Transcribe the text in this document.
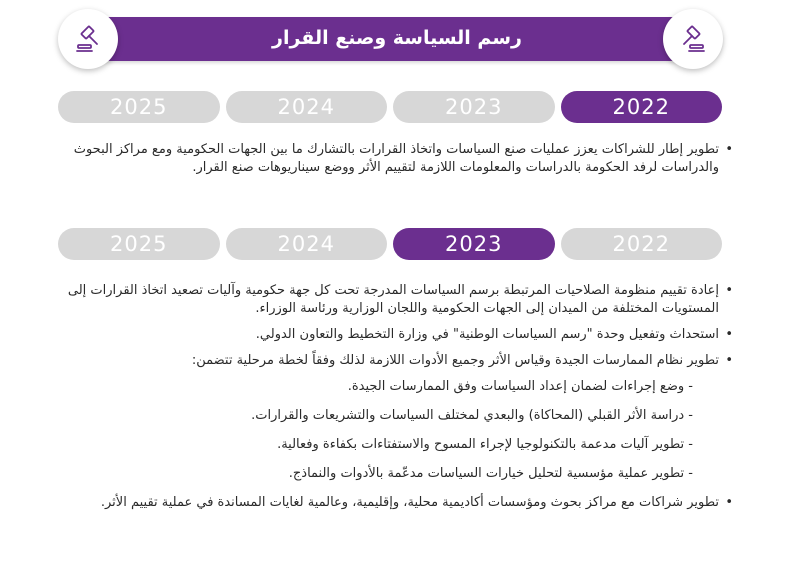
رسم السياسة وصنع القرار
2022
2023
2024
2025

• تطوير إطار للشراكات يعزز عمليات صنع السياسات واتخاذ القرارات بالتشارك ما بين الجهات الحكومية ومع مراكز البحوث والدراسات لرفد الحكومة بالدراسات والمعلومات اللازمة لتقييم الأثر ووضع سيناريوهات صنع القرار.

2022
2023
2024
2025

• إعادة تقييم منظومة الصلاحيات المرتبطة برسم السياسات المدرجة تحت كل جهة حكومية وآليات تصعيد اتخاذ القرارات إلى المستويات المختلفة من الميدان إلى الجهات الحكومية واللجان الوزارية ورئاسة الوزراء.

• استحداث وتفعيل وحدة "رسم السياسات الوطنية" في وزارة التخطيط والتعاون الدولي.

• تطوير نظام الممارسات الجيدة وقياس الأثر وجميع الأدوات اللازمة لذلك وفقاً لخطة مرحلية تتضمن:

- وضع إجراءات لضمان إعداد السياسات وفق الممارسات الجيدة.

- دراسة الأثر القبلي (المحاكاة) والبعدي لمختلف السياسات والتشريعات والقرارات.

- تطوير آليات مدعمة بالتكنولوجيا لإجراء المسوح والاستفتاءات بكفاءة وفعالية.

- تطوير عملية مؤسسية لتحليل خيارات السياسات مدعّمة بالأدوات والنماذج.

• تطوير شراكات مع مراكز بحوث ومؤسسات أكاديمية محلية، وإقليمية، وعالمية لغايات المساندة في عملية تقييم الأثر.
